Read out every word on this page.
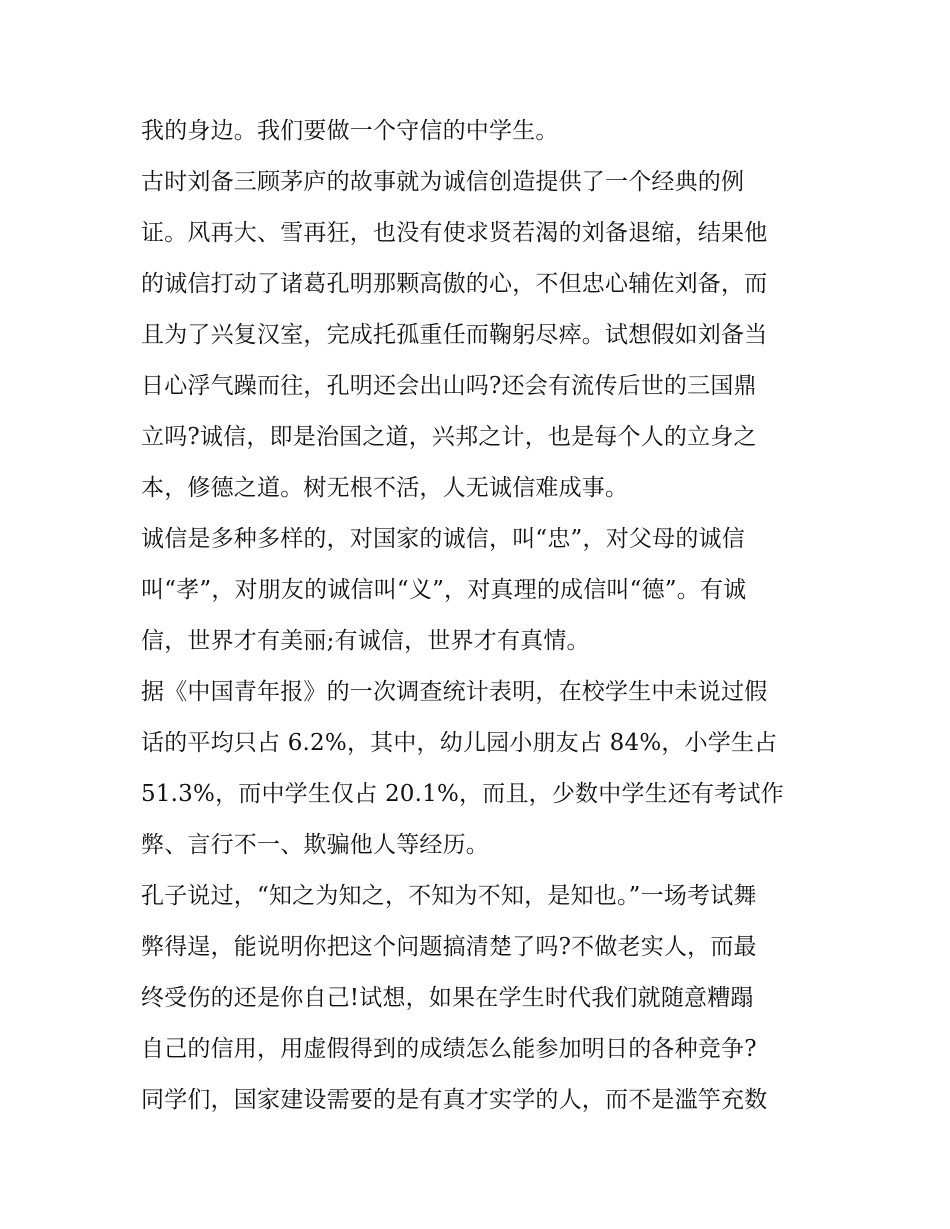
我的身边。我们要做一个守信的中学生。
古时刘备三顾茅庐的故事就为诚信创造提供了一个经典的例
证。风再大、雪再狂，也没有使求贤若渴的刘备退缩，结果他
的诚信打动了诸葛孔明那颗高傲的心，不但忠心辅佐刘备，而
且为了兴复汉室，完成托孤重任而鞠躬尽瘁。试想假如刘备当
日心浮气躁而往，孔明还会出山吗?还会有流传后世的三国鼎
立吗?诚信，即是治国之道，兴邦之计，也是每个人的立身之
本，修德之道。树无根不活，人无诚信难成事。
诚信是多种多样的，对国家的诚信，叫“忠”，对父母的诚信
叫“孝”，对朋友的诚信叫“义”，对真理的成信叫“德”。有诚
信，世界才有美丽;有诚信，世界才有真情。
据《中国青年报》的一次调查统计表明，在校学生中未说过假
话的平均只占 6.2%，其中，幼儿园小朋友占 84%，小学生占
51.3%，而中学生仅占 20.1%，而且，少数中学生还有考试作
弊、言行不一、欺骗他人等经历。
孔子说过，“知之为知之，不知为不知，是知也。”一场考试舞
弊得逞，能说明你把这个问题搞清楚了吗?不做老实人，而最
终受伤的还是你自己!试想，如果在学生时代我们就随意糟蹋
自己的信用，用虚假得到的成绩怎么能参加明日的各种竞争?
同学们，国家建设需要的是有真才实学的人，而不是滥竽充数
